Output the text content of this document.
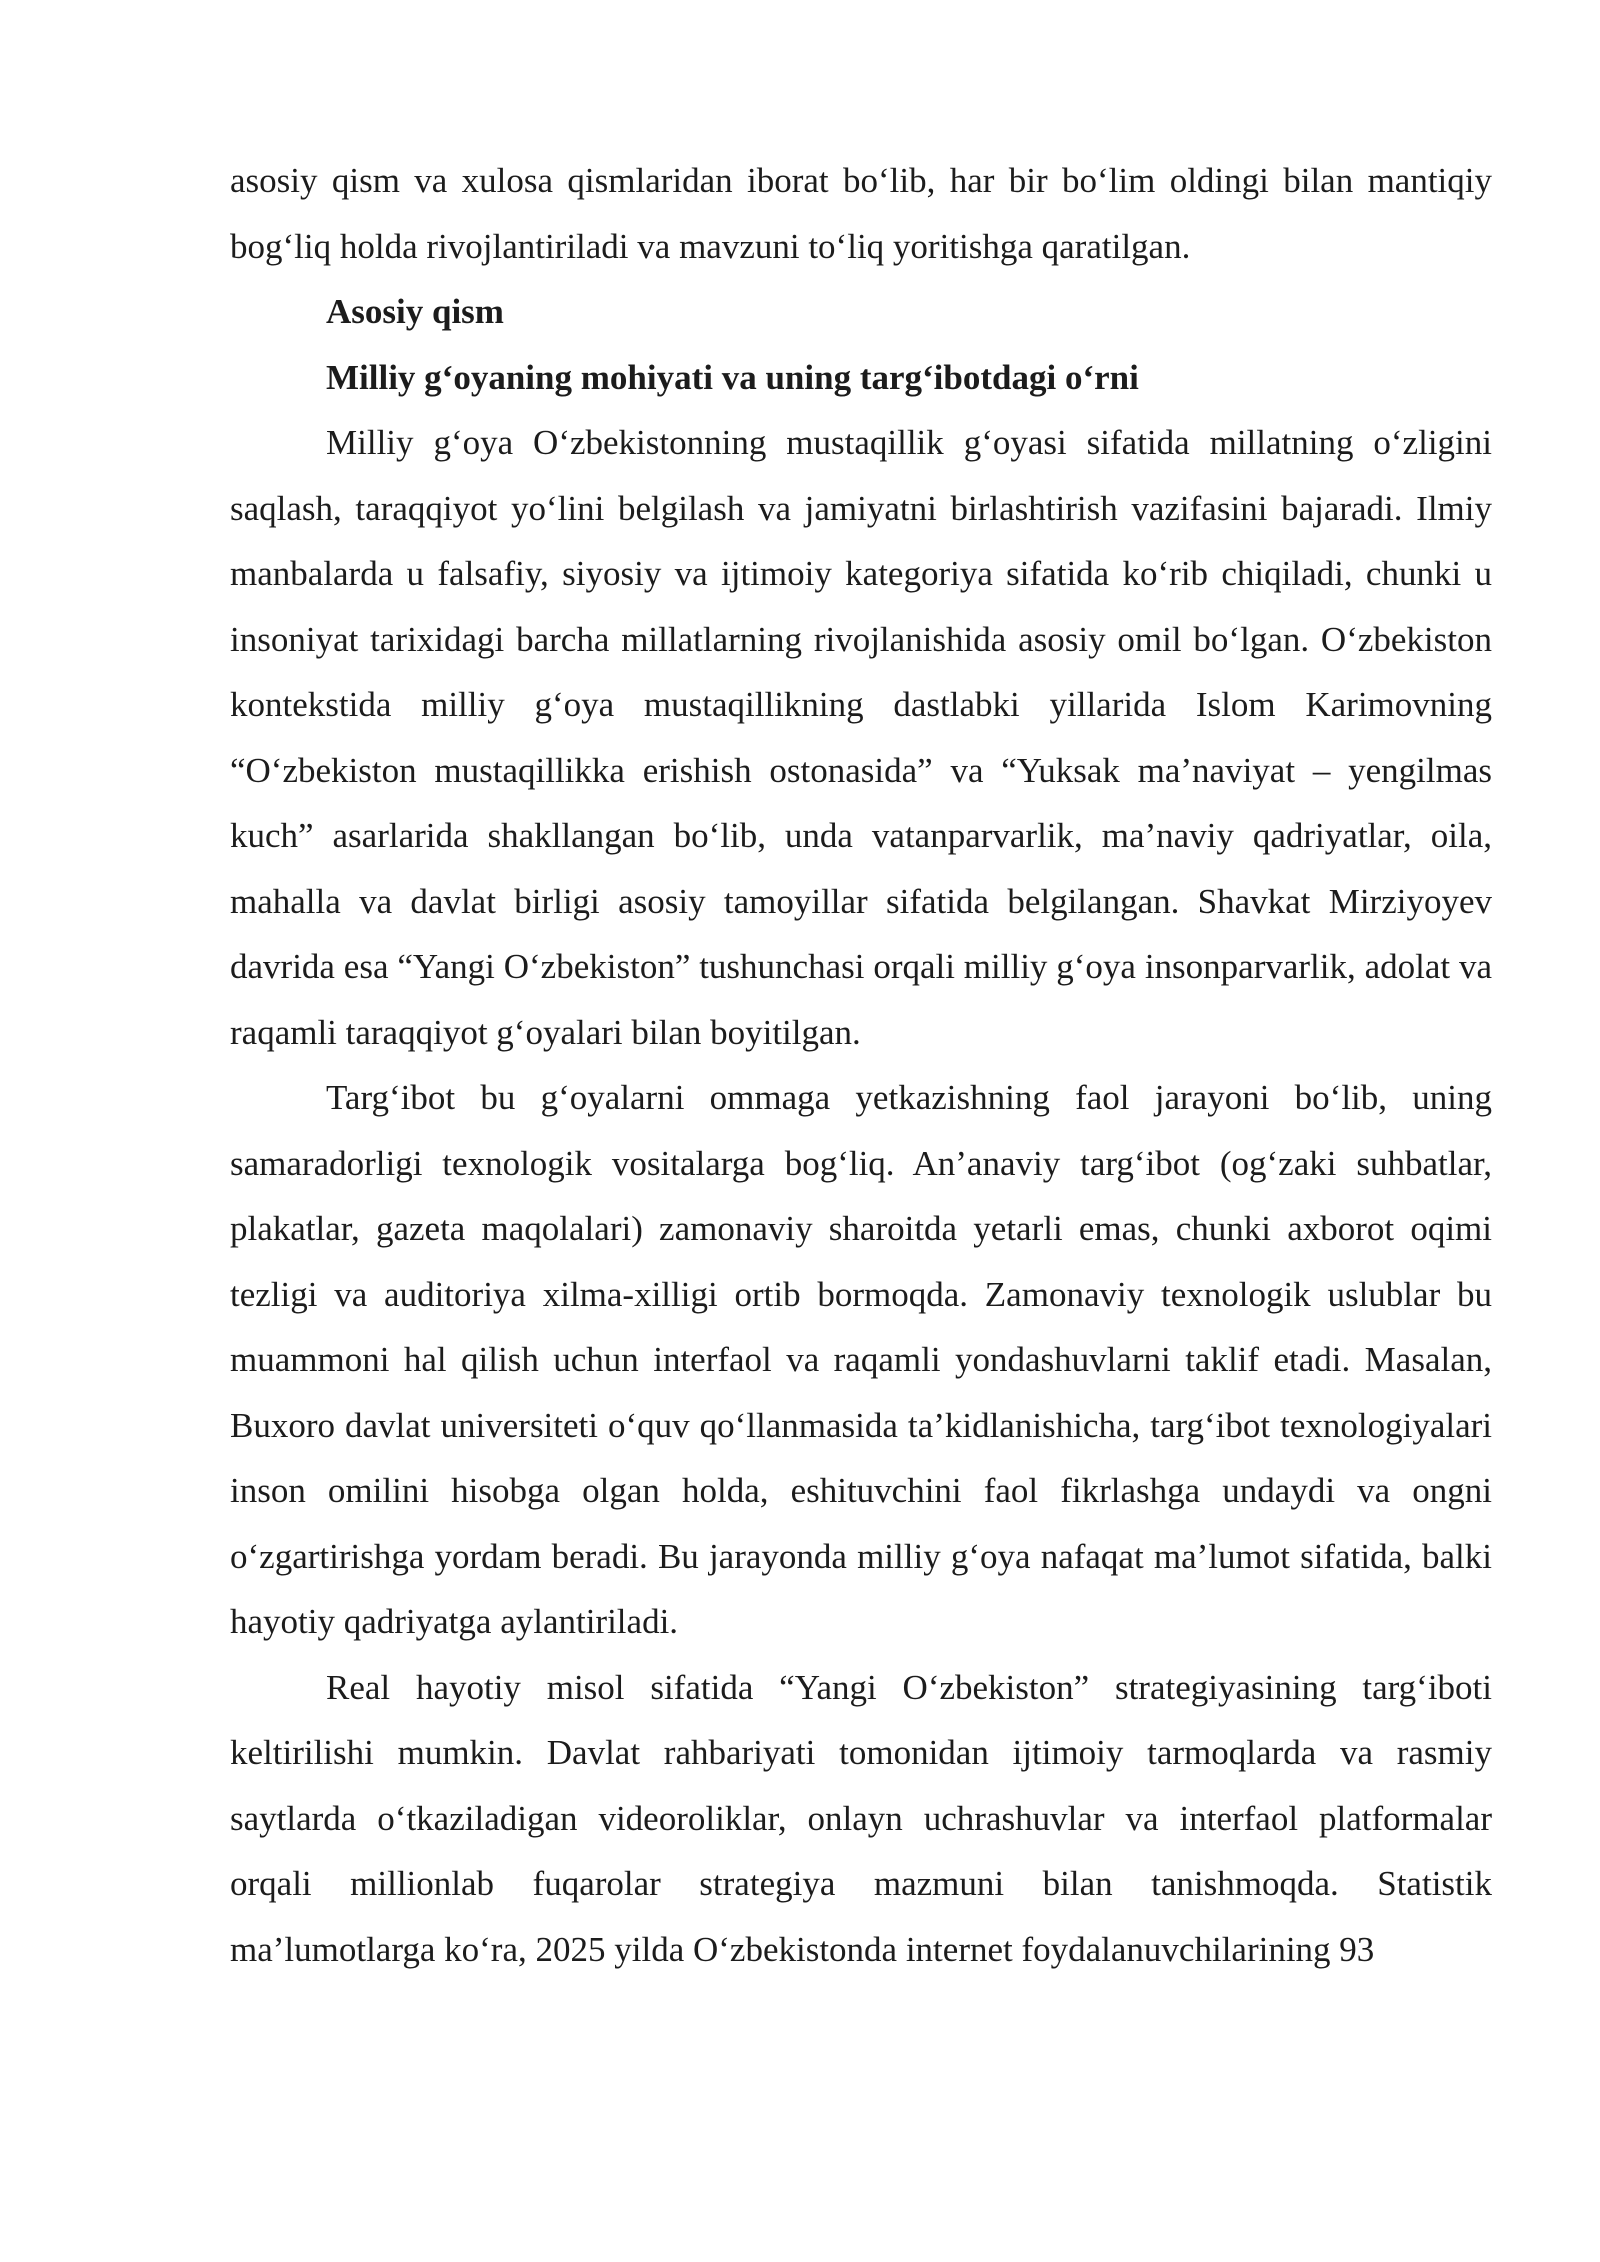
asosiy qism va xulosa qismlaridan iborat bo‘lib, har bir bo‘lim oldingi bilan mantiqiy bog‘liq holda rivojlantiriladi va mavzuni to‘liq yoritishga qaratilgan.

Asosiy qism

Milliy g‘oyaning mohiyati va uning targ‘ibotdagi o‘rni

Milliy g‘oya O‘zbekistonning mustaqillik g‘oyasi sifatida millatning o‘zligini saqlash, taraqqiyot yo‘lini belgilash va jamiyatni birlashtirish vazifasini bajaradi. Ilmiy manbalarda u falsafiy, siyosiy va ijtimoiy kategoriya sifatida ko‘rib chiqiladi, chunki u insoniyat tarixidagi barcha millatlarning rivojlanishida asosiy omil bo‘lgan. O‘zbekiston kontekstida milliy g‘oya mustaqillikning dastlabki yillarida Islom Karimovning “O‘zbekiston mustaqillikka erishish ostonasida” va “Yuksak ma’naviyat – yengilmas kuch” asarlarida shakllangan bo‘lib, unda vatanparvarlik, ma’naviy qadriyatlar, oila, mahalla va davlat birligi asosiy tamoyillar sifatida belgilangan. Shavkat Mirziyoyev davrida esa “Yangi O‘zbekiston” tushunchasi orqali milliy g‘oya insonparvarlik, adolat va raqamli taraqqiyot g‘oyalari bilan boyitilgan.

Targ‘ibot bu g‘oyalarni ommaga yetkazishning faol jarayoni bo‘lib, uning samaradorligi texnologik vositalarga bog‘liq. An’anaviy targ‘ibot (og‘zaki suhbatlar, plakatlar, gazeta maqolalari) zamonaviy sharoitda yetarli emas, chunki axborot oqimi tezligi va auditoriya xilma-xilligi ortib bormoqda. Zamonaviy texnologik uslublar bu muammoni hal qilish uchun interfaol va raqamli yondashuvlarni taklif etadi. Masalan, Buxoro davlat universiteti o‘quv qo‘llanmasida ta’kidlanishicha, targ‘ibot texnologiyalari inson omilini hisobga olgan holda, eshituvchini faol fikrlashga undaydi va ongni o‘zgartirishga yordam beradi. Bu jarayonda milliy g‘oya nafaqat ma’lumot sifatida, balki hayotiy qadriyatga aylantiriladi.

Real hayotiy misol sifatida “Yangi O‘zbekiston” strategiyasining targ‘iboti keltirilishi mumkin. Davlat rahbariyati tomonidan ijtimoiy tarmoqlarda va rasmiy saytlarda o‘tkaziladigan videoroliklar, onlayn uchrashuvlar va interfaol platformalar orqali millionlab fuqarolar strategiya mazmuni bilan tanishmoqda. Statistik ma’lumotlarga ko‘ra, 2025 yilda O‘zbekistonda internet foydalanuvchilarining 93
